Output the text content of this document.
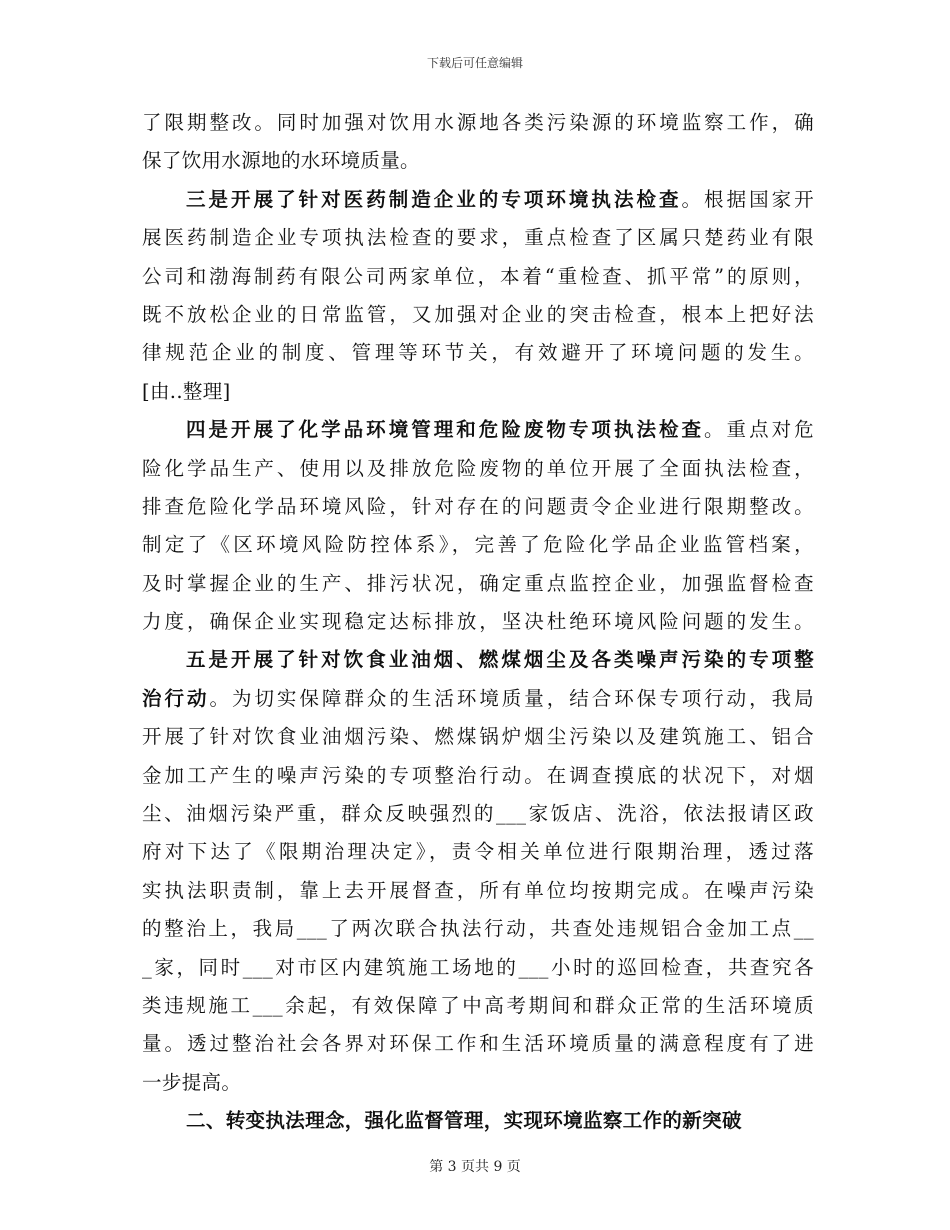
下载后可任意编辑
了限期整改。同时加强对饮用水源地各类污染源的环境监察工作，确
保了饮用水源地的水环境质量。
三是开展了针对医药制造企业的专项环境执法检查。根据国家开
展医药制造企业专项执法检查的要求，重点检查了区属只楚药业有限
公司和渤海制药有限公司两家单位，本着“重检查、抓平常”的原则，
既不放松企业的日常监管，又加强对企业的突击检查，根本上把好法
律规范企业的制度、管理等环节关，有效避开了环境问题的发生。
[由..整理]
四是开展了化学品环境管理和危险废物专项执法检查。重点对危
险化学品生产、使用以及排放危险废物的单位开展了全面执法检查，
排查危险化学品环境风险，针对存在的问题责令企业进行限期整改。
制定了《区环境风险防控体系》，完善了危险化学品企业监管档案，
及时掌握企业的生产、排污状况，确定重点监控企业，加强监督检查
力度，确保企业实现稳定达标排放，坚决杜绝环境风险问题的发生。
五是开展了针对饮食业油烟、燃煤烟尘及各类噪声污染的专项整
治行动。为切实保障群众的生活环境质量，结合环保专项行动，我局
开展了针对饮食业油烟污染、燃煤锅炉烟尘污染以及建筑施工、铝合
金加工产生的噪声污染的专项整治行动。在调查摸底的状况下，对烟
尘、油烟污染严重，群众反映强烈的___家饭店、洗浴，依法报请区政
府对下达了《限期治理决定》，责令相关单位进行限期治理，透过落
实执法职责制，靠上去开展督查，所有单位均按期完成。在噪声污染
的整治上，我局___了两次联合执法行动，共查处违规铝合金加工点__
_家，同时___对市区内建筑施工场地的___小时的巡回检查，共查究各
类违规施工___余起，有效保障了中高考期间和群众正常的生活环境质
量。透过整治社会各界对环保工作和生活环境质量的满意程度有了进
一步提高。
二、转变执法理念，强化监督管理，实现环境监察工作的新突破
第 3 页共 9 页
